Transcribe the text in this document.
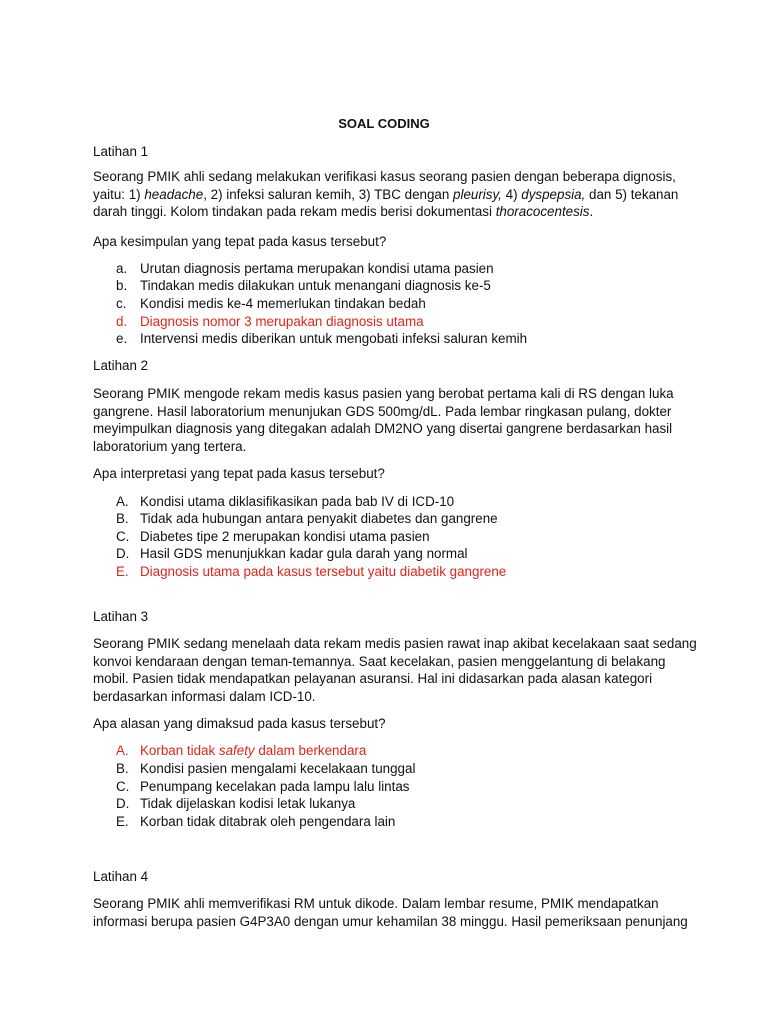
SOAL CODING
Latihan 1
Seorang PMIK ahli sedang melakukan verifikasi kasus seorang pasien dengan beberapa dignosis,
yaitu: 1) headache, 2) infeksi saluran kemih, 3) TBC dengan pleurisy, 4) dyspepsia, dan 5) tekanan
darah tinggi. Kolom tindakan pada rekam medis berisi dokumentasi thoracocentesis.
Apa kesimpulan yang tepat pada kasus tersebut?
a. Urutan diagnosis pertama merupakan kondisi utama pasien
b. Tindakan medis dilakukan untuk menangani diagnosis ke-5
c. Kondisi medis ke-4 memerlukan tindakan bedah
d. Diagnosis nomor 3 merupakan diagnosis utama
e. Intervensi medis diberikan untuk mengobati infeksi saluran kemih
Latihan 2
Seorang PMIK mengode rekam medis kasus pasien yang berobat pertama kali di RS dengan luka
gangrene. Hasil laboratorium menunjukan GDS 500mg/dL. Pada lembar ringkasan pulang, dokter
meyimpulkan diagnosis yang ditegakan adalah DM2NO yang disertai gangrene berdasarkan hasil
laboratorium yang tertera.
Apa interpretasi yang tepat pada kasus tersebut?
A. Kondisi utama diklasifikasikan pada bab IV di ICD-10
B. Tidak ada hubungan antara penyakit diabetes dan gangrene
C. Diabetes tipe 2 merupakan kondisi utama pasien
D. Hasil GDS menunjukkan kadar gula darah yang normal
E. Diagnosis utama pada kasus tersebut yaitu diabetik gangrene
Latihan 3
Seorang PMIK sedang menelaah data rekam medis pasien rawat inap akibat kecelakaan saat sedang
konvoi kendaraan dengan teman-temannya. Saat kecelakan, pasien menggelantung di belakang
mobil. Pasien tidak mendapatkan pelayanan asuransi. Hal ini didasarkan pada alasan kategori
berdasarkan informasi dalam ICD-10.
Apa alasan yang dimaksud pada kasus tersebut?
A. Korban tidak safety dalam berkendara
B. Kondisi pasien mengalami kecelakaan tunggal
C. Penumpang kecelakan pada lampu lalu lintas
D. Tidak dijelaskan kodisi letak lukanya
E. Korban tidak ditabrak oleh pengendara lain
Latihan 4
Seorang PMIK ahli memverifikasi RM untuk dikode. Dalam lembar resume, PMIK mendapatkan
informasi berupa pasien G4P3A0 dengan umur kehamilan 38 minggu. Hasil pemeriksaan penunjang
